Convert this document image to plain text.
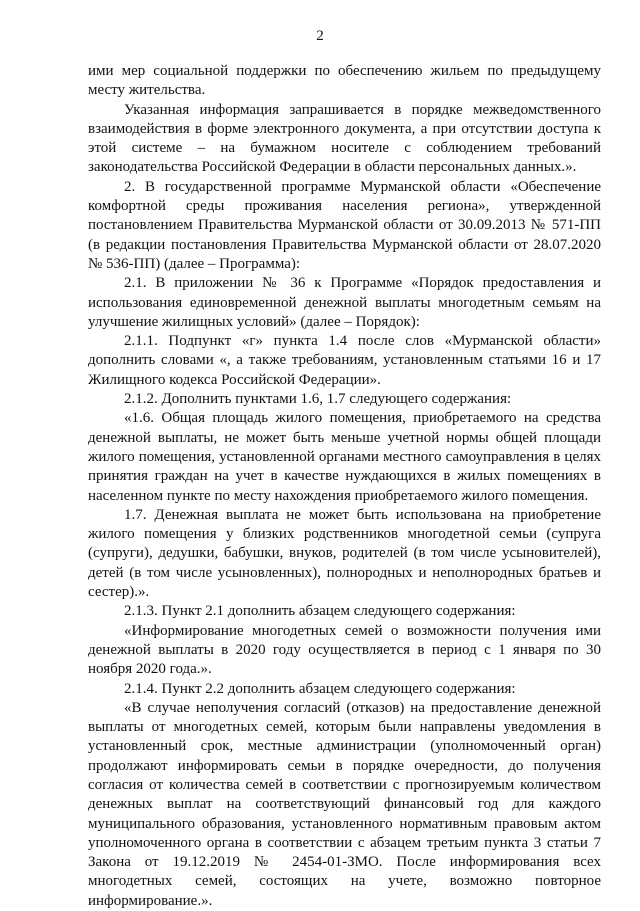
2

ими мер социальной поддержки по обеспечению жильем по предыдущему месту жительства.

Указанная информация запрашивается в порядке межведомственного взаимодействия в форме электронного документа, а при отсутствии доступа к этой системе – на бумажном носителе с соблюдением требований законодательства Российской Федерации в области персональных данных.».

2. В государственной программе Мурманской области «Обеспечение комфортной среды проживания населения региона», утвержденной постановлением Правительства Мурманской области от 30.09.2013 № 571-ПП (в редакции постановления Правительства Мурманской области от 28.07.2020 № 536-ПП) (далее – Программа):

2.1. В приложении № 36 к Программе «Порядок предоставления и использования единовременной денежной выплаты многодетным семьям на улучшение жилищных условий» (далее – Порядок):

2.1.1. Подпункт «г» пункта 1.4 после слов «Мурманской области» дополнить словами «, а также требованиям, установленным статьями 16 и 17 Жилищного кодекса Российской Федерации».

2.1.2. Дополнить пунктами 1.6, 1.7 следующего содержания:

«1.6. Общая площадь жилого помещения, приобретаемого на средства денежной выплаты, не может быть меньше учетной нормы общей площади жилого помещения, установленной органами местного самоуправления в целях принятия граждан на учет в качестве нуждающихся в жилых помещениях в населенном пункте по месту нахождения приобретаемого жилого помещения.

1.7. Денежная выплата не может быть использована на приобретение жилого помещения у близких родственников многодетной семьи (супруга (супруги), дедушки, бабушки, внуков, родителей (в том числе усыновителей), детей (в том числе усыновленных), полнородных и неполнородных братьев и сестер).».

2.1.3. Пункт 2.1 дополнить абзацем следующего содержания:

«Информирование многодетных семей о возможности получения ими денежной выплаты в 2020 году осуществляется в период с 1 января по 30 ноября 2020 года.».

2.1.4. Пункт 2.2 дополнить абзацем следующего содержания:

«В случае неполучения согласий (отказов) на предоставление денежной выплаты от многодетных семей, которым были направлены уведомления в установленный срок, местные администрации (уполномоченный орган) продолжают информировать семьи в порядке очередности, до получения согласия от количества семей в соответствии с прогнозируемым количеством денежных выплат на соответствующий финансовый год для каждого муниципального образования, установленного нормативным правовым актом уполномоченного органа в соответствии с абзацем третьим пункта 3 статьи 7 Закона от 19.12.2019 № 2454-01-ЗМО. После информирования всех многодетных семей, состоящих на учете, возможно повторное информирование.».
